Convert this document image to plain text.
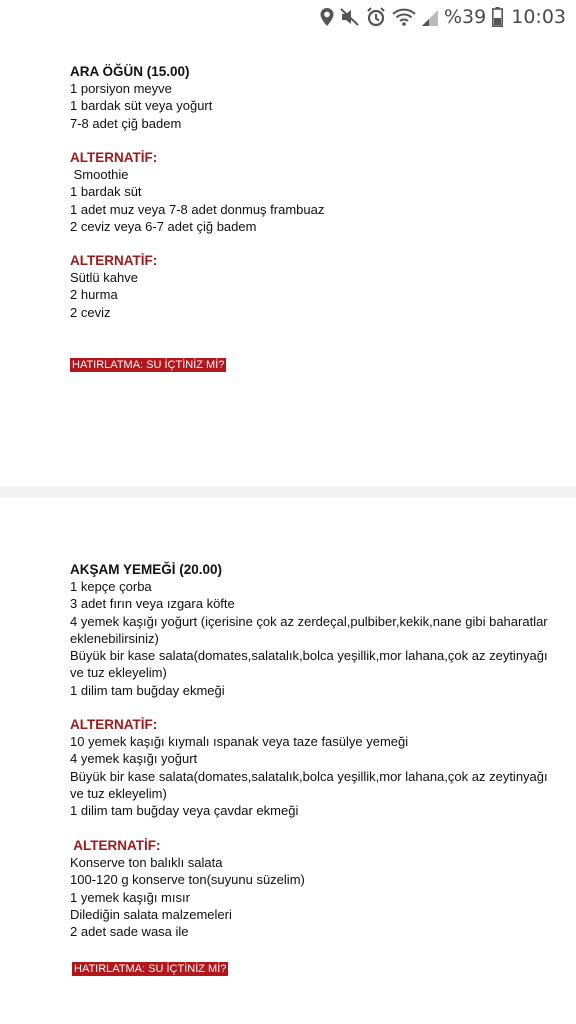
%39 10:03
ARA ÖĞÜN (15.00)
1 porsiyon meyve
1 bardak süt veya yoğurt
7-8 adet çiğ badem
ALTERNATİF:
Smoothie
1 bardak süt
1 adet muz veya 7-8 adet donmuş frambuaz
2 ceviz veya 6-7 adet çiğ badem
ALTERNATİF:
Sütlü kahve
2 hurma
2 ceviz
HATIRLATMA: SU İÇTİNİZ Mİ?
AKŞAM YEMEĞİ (20.00)
1 kepçe çorba
3 adet fırın veya ızgara köfte
4 yemek kaşığı yoğurt (içerisine çok az zerdeçal,pulbiber,kekik,nane gibi baharatlar eklenebilirsiniz)
Büyük bir kase salata(domates,salatalık,bolca yeşillik,mor lahana,çok az zeytinyağı ve tuz ekleyelim)
1 dilim tam buğday ekmeği
ALTERNATİF:
10 yemek kaşığı kıymalı ıspanak veya taze fasülye yemeği
4 yemek kaşığı yoğurt
Büyük bir kase salata(domates,salatalık,bolca yeşillik,mor lahana,çok az zeytinyağı ve tuz ekleyelim)
1 dilim tam buğday veya çavdar ekmeği
ALTERNATİF:
Konserve ton balıklı salata
100-120 g konserve ton(suyunu süzelim)
1 yemek kaşığı mısır
Dilediğin salata malzemeleri
2 adet sade wasa ile
HATIRLATMA: SU İÇTİNİZ Mİ?
